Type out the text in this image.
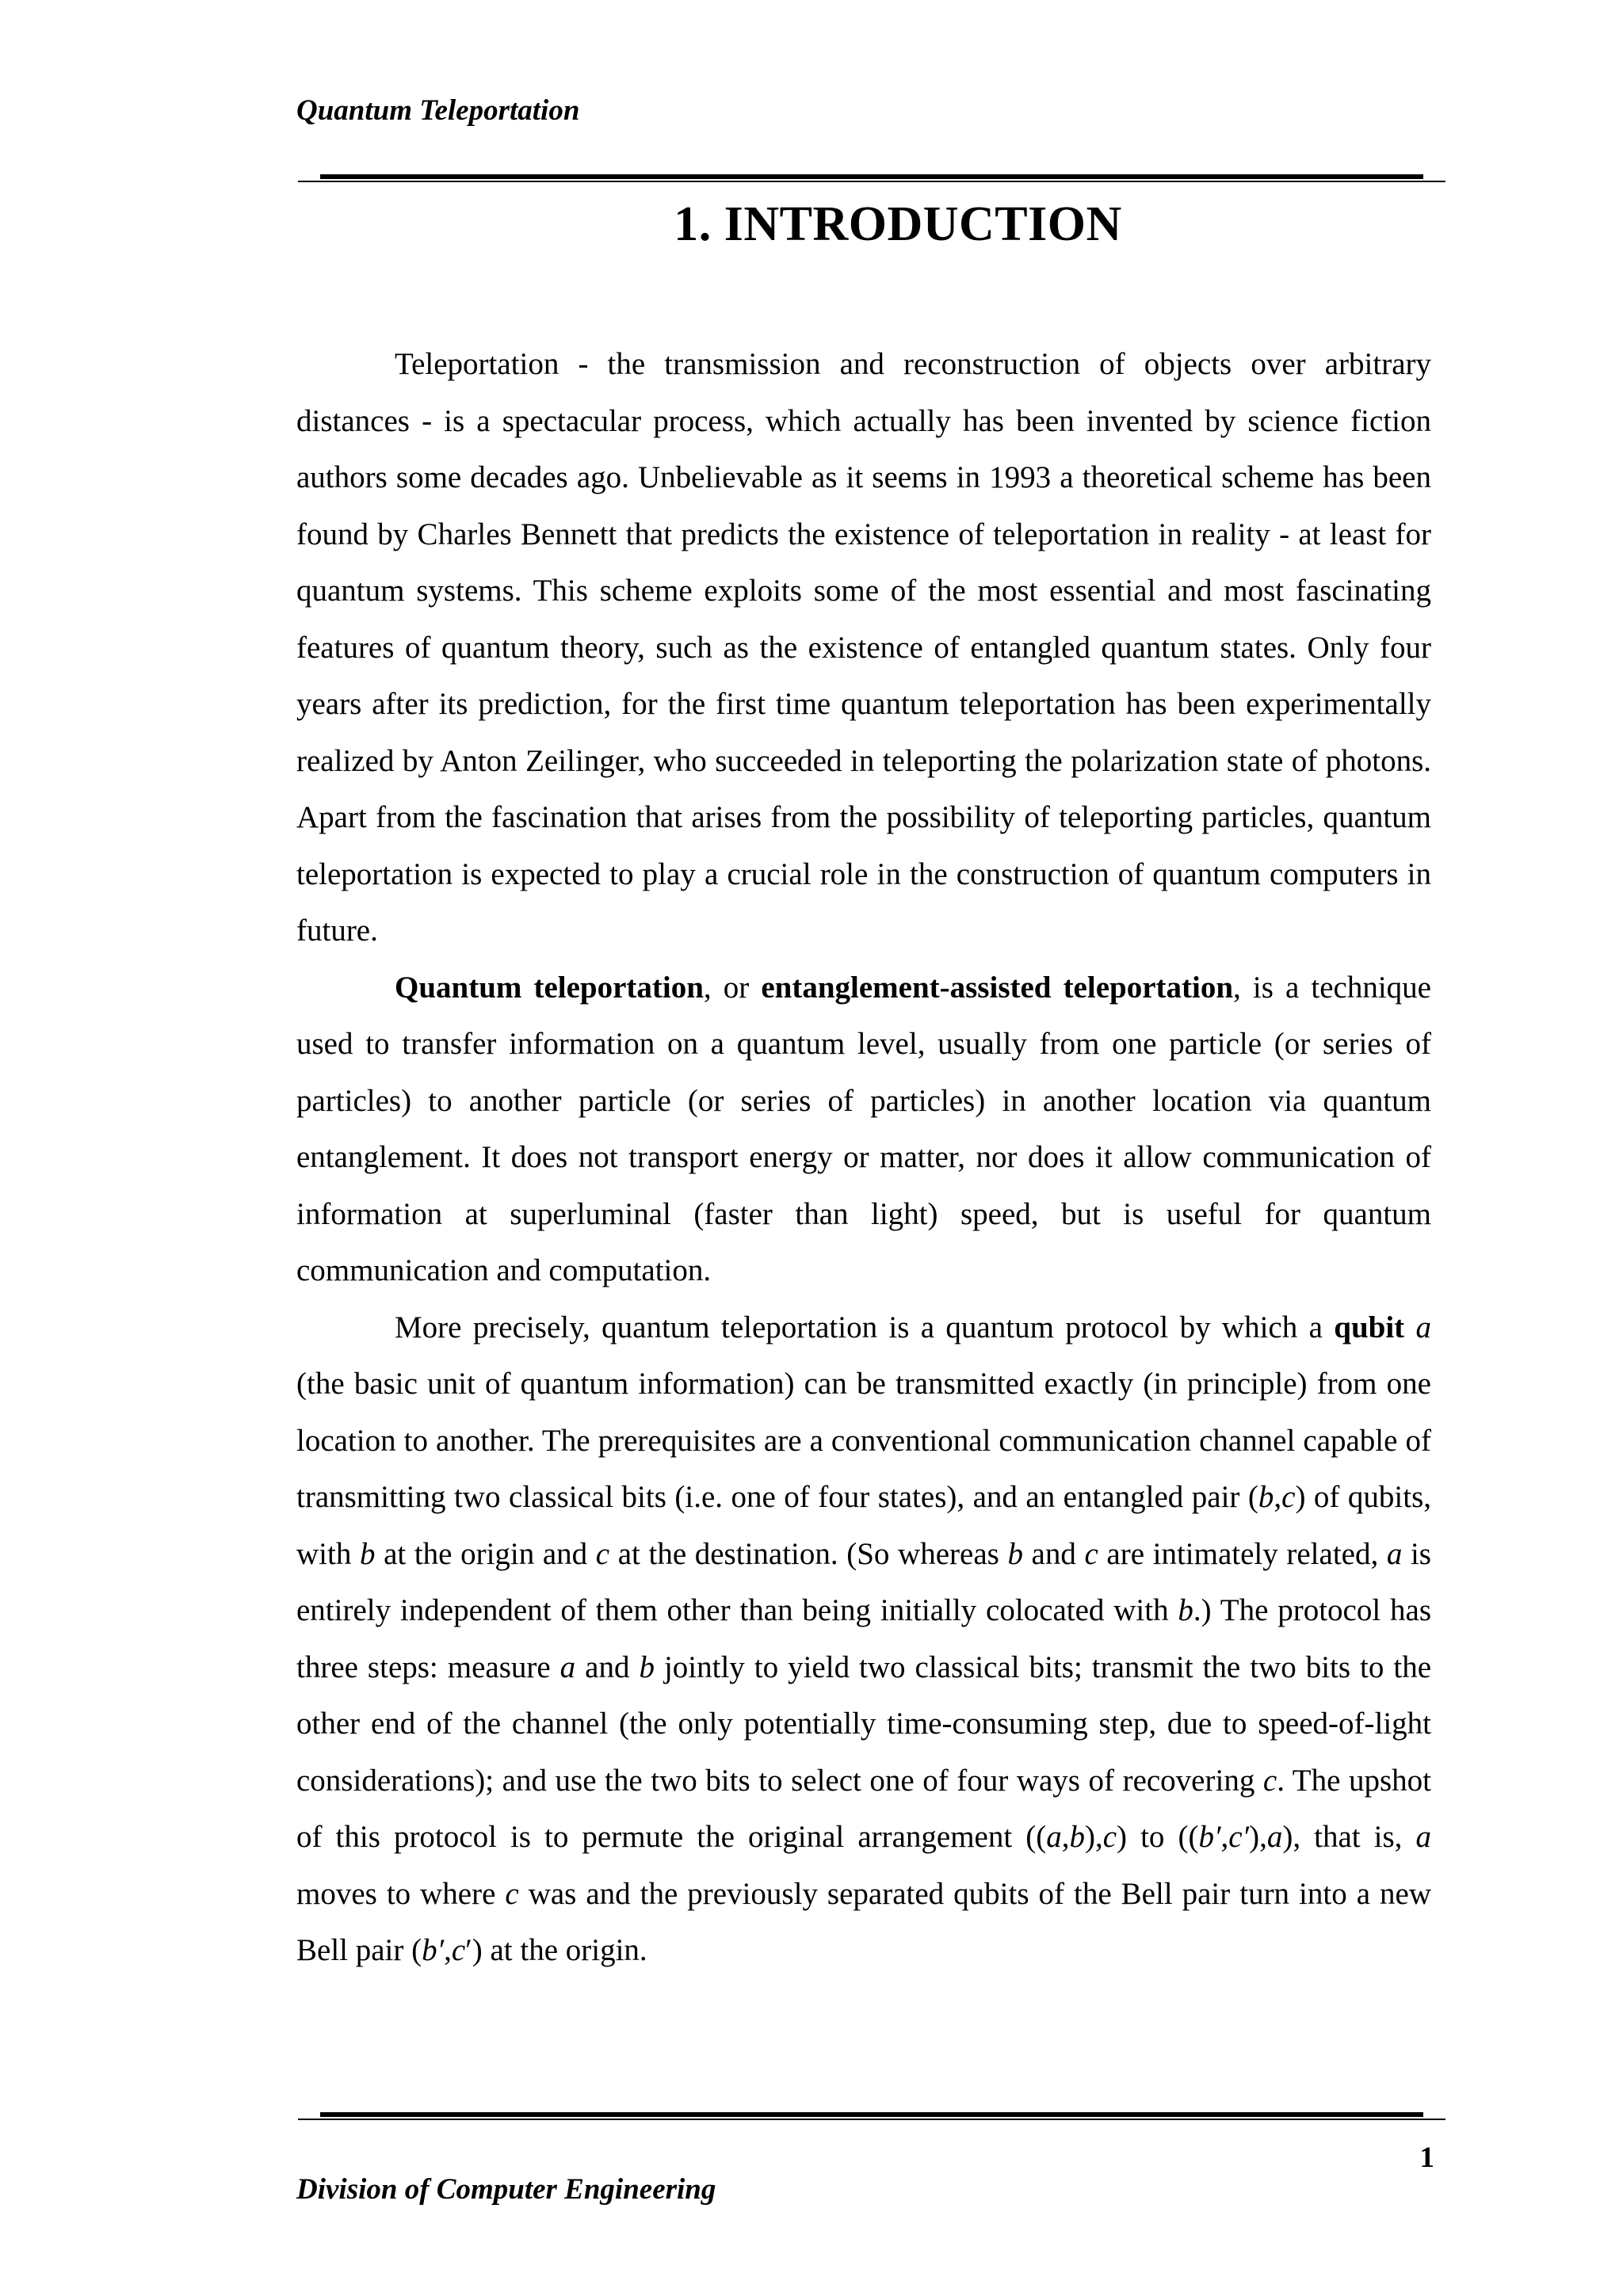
Quantum Teleportation
1. INTRODUCTION

Teleportation - the transmission and reconstruction of objects over arbitrary distances - is a spectacular process, which actually has been invented by science fiction authors some decades ago. Unbelievable as it seems in 1993 a theoretical scheme has been found by Charles Bennett that predicts the existence of teleportation in reality - at least for quantum systems. This scheme exploits some of the most essential and most fascinating features of quantum theory, such as the existence of entangled quantum states. Only four years after its prediction, for the first time quantum teleportation has been experimentally realized by Anton Zeilinger, who succeeded in teleporting the polarization state of photons. Apart from the fascination that arises from the possibility of teleporting particles, quantum teleportation is expected to play a crucial role in the construction of quantum computers in future.

Quantum teleportation, or entanglement-assisted teleportation, is a technique used to transfer information on a quantum level, usually from one particle (or series of particles) to another particle (or series of particles) in another location via quantum entanglement. It does not transport energy or matter, nor does it allow communication of information at superluminal (faster than light) speed, but is useful for quantum communication and computation.

More precisely, quantum teleportation is a quantum protocol by which a qubit a (the basic unit of quantum information) can be transmitted exactly (in principle) from one location to another. The prerequisites are a conventional communication channel capable of transmitting two classical bits (i.e. one of four states), and an entangled pair (b,c) of qubits, with b at the origin and c at the destination. (So whereas b and c are intimately related, a is entirely independent of them other than being initially colocated with b.) The protocol has three steps: measure a and b jointly to yield two classical bits; transmit the two bits to the other end of the channel (the only potentially time-consuming step, due to speed-of-light considerations); and use the two bits to select one of four ways of recovering c. The upshot of this protocol is to permute the original arrangement ((a,b),c) to ((b′,c′),a), that is, a moves to where c was and the previously separated qubits of the Bell pair turn into a new Bell pair (b′,c′) at the origin.

1
Division of Computer Engineering
